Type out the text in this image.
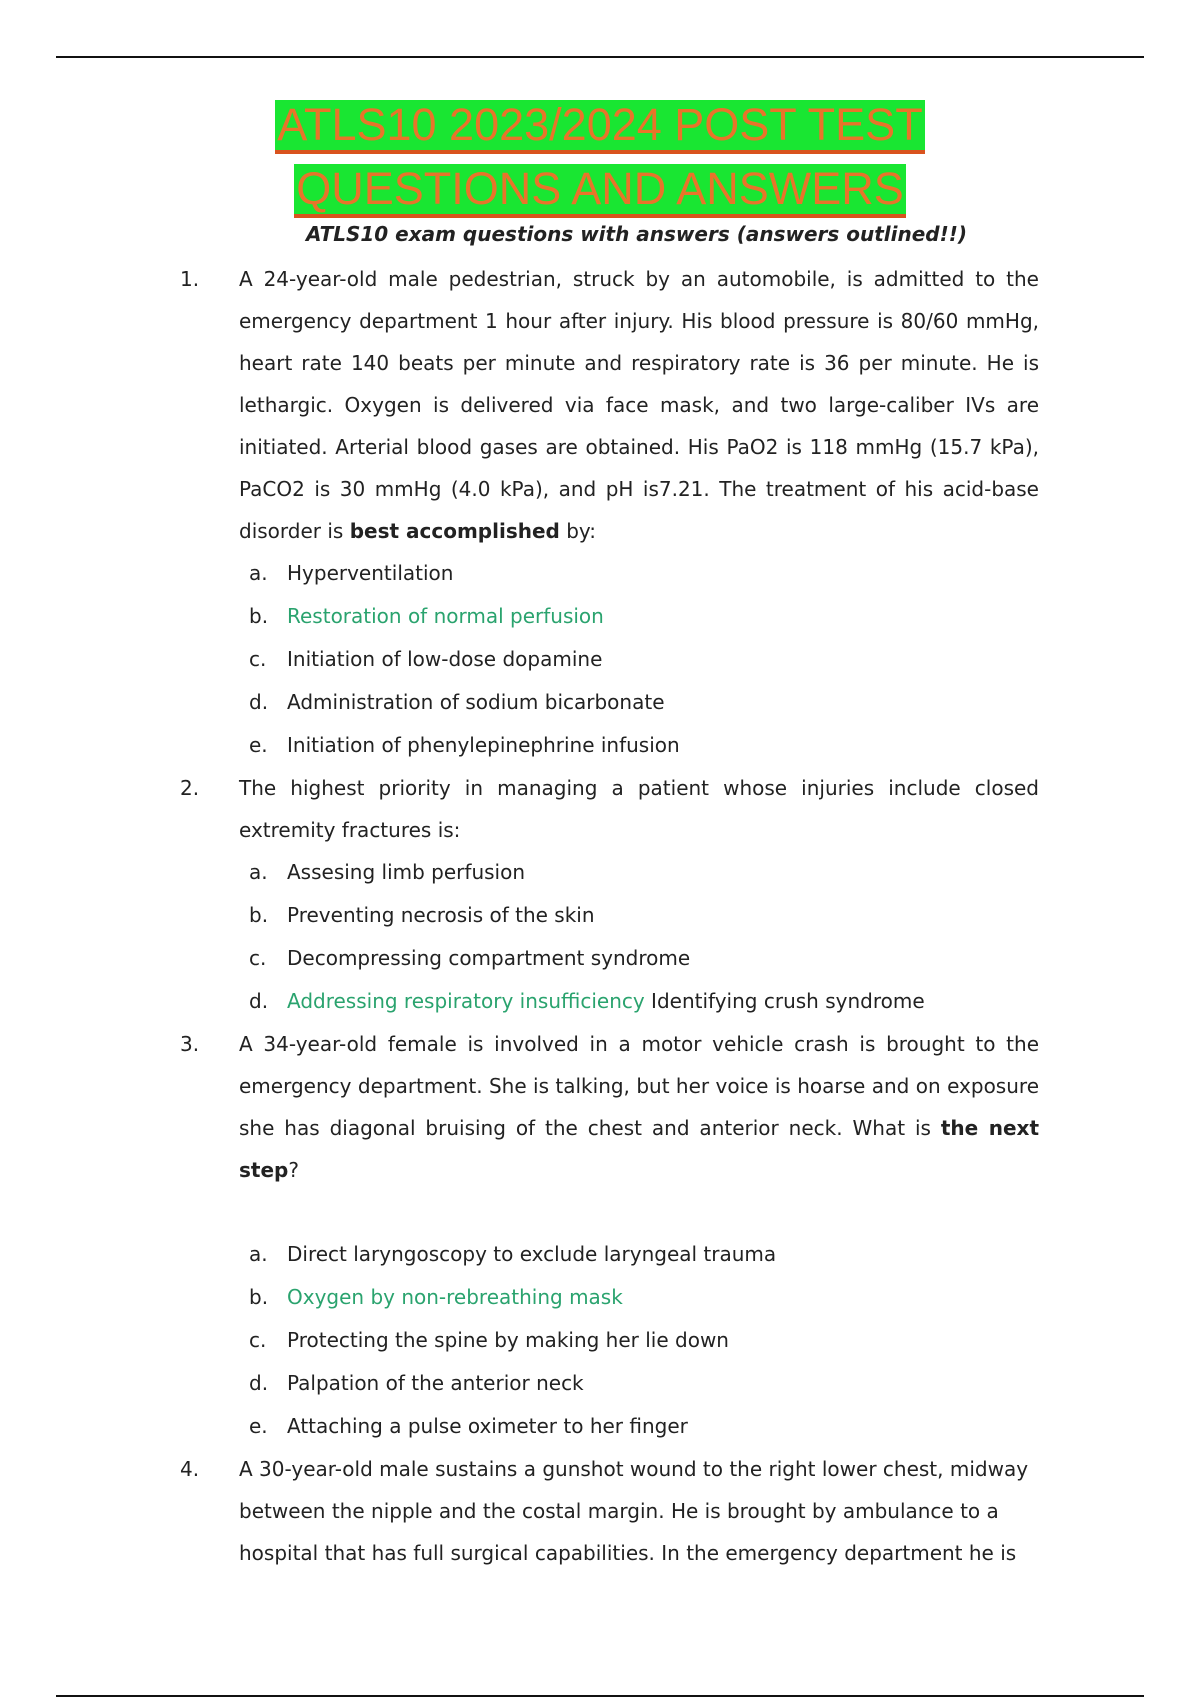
ATLS10 2023/2024 POST TEST
QUESTIONS AND ANSWERS
ATLS10 exam questions with answers (answers outlined!!)
1. A 24-year-old male pedestrian, struck by an automobile, is admitted to the emergency department 1 hour after injury. His blood pressure is 80/60 mmHg, heart rate 140 beats per minute and respiratory rate is 36 per minute. He is lethargic. Oxygen is delivered via face mask, and two large-caliber IVs are initiated. Arterial blood gases are obtained. His PaO2 is 118 mmHg (15.7 kPa), PaCO2 is 30 mmHg (4.0 kPa), and pH is7.21. The treatment of his acid-base disorder is best accomplished by:
a. Hyperventilation
b. Restoration of normal perfusion
c. Initiation of low-dose dopamine
d. Administration of sodium bicarbonate
e. Initiation of phenylepinephrine infusion
2. The highest priority in managing a patient whose injuries include closed extremity fractures is:
a. Assesing limb perfusion
b. Preventing necrosis of the skin
c. Decompressing compartment syndrome
d. Addressing respiratory insufficiency Identifying crush syndrome
3. A 34-year-old female is involved in a motor vehicle crash is brought to the emergency department. She is talking, but her voice is hoarse and on exposure she has diagonal bruising of the chest and anterior neck. What is the next step?
a. Direct laryngoscopy to exclude laryngeal trauma
b. Oxygen by non-rebreathing mask
c. Protecting the spine by making her lie down
d. Palpation of the anterior neck
e. Attaching a pulse oximeter to her finger
4. A 30-year-old male sustains a gunshot wound to the right lower chest, midway between the nipple and the costal margin. He is brought by ambulance to a hospital that has full surgical capabilities. In the emergency department he is
